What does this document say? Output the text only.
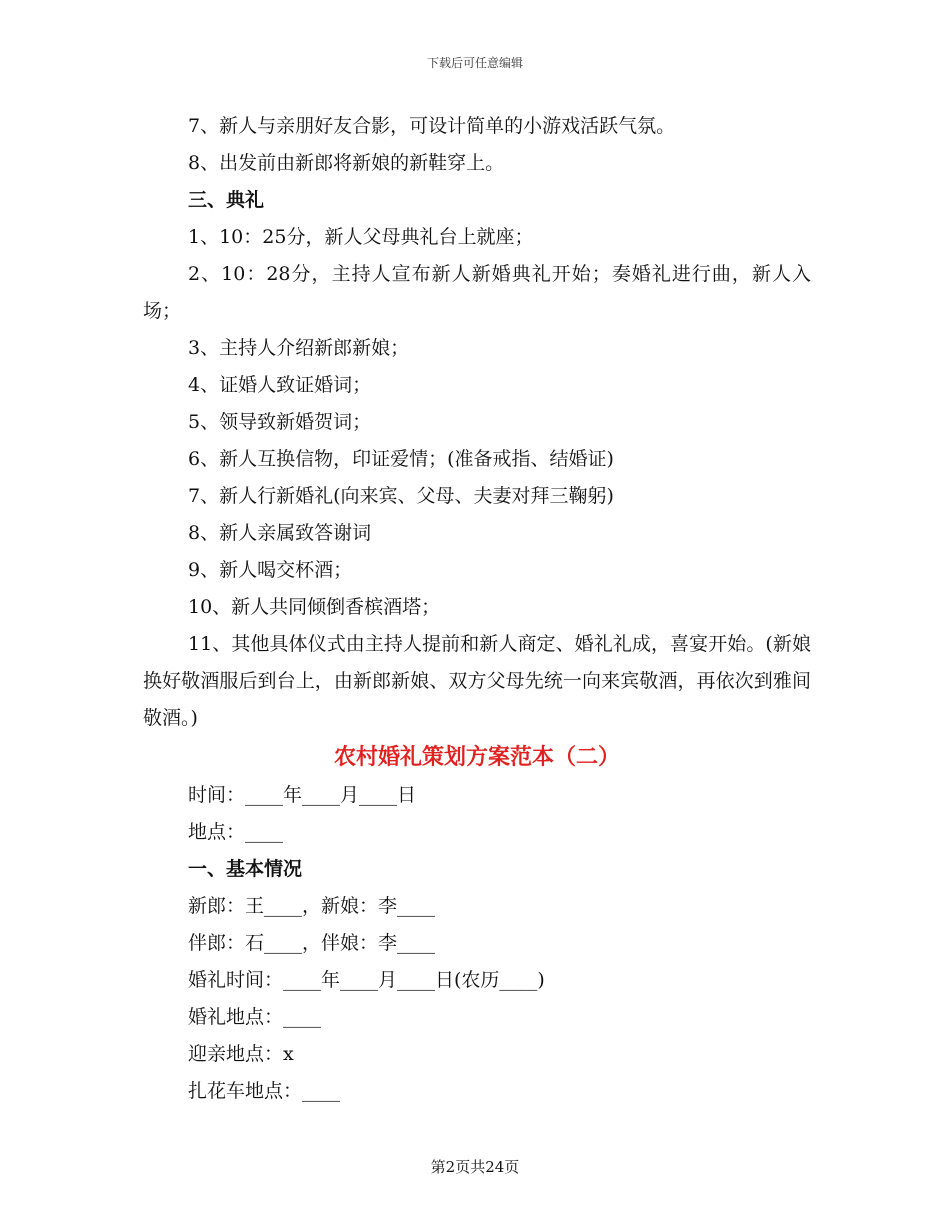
下载后可任意编辑

7、新人与亲朋好友合影，可设计简单的小游戏活跃气氛。

8、出发前由新郎将新娘的新鞋穿上。

三、典礼

1、10：25分，新人父母典礼台上就座；

2、10：28分，主持人宣布新人新婚典礼开始；奏婚礼进行曲，新人入场；

3、主持人介绍新郎新娘；

4、证婚人致证婚词；

5、领导致新婚贺词；

6、新人互换信物，印证爱情；(准备戒指、结婚证)

7、新人行新婚礼(向来宾、父母、夫妻对拜三鞠躬)

8、新人亲属致答谢词

9、新人喝交杯酒；

10、新人共同倾倒香槟酒塔；

11、其他具体仪式由主持人提前和新人商定、婚礼礼成，喜宴开始。(新娘换好敬酒服后到台上，由新郎新娘、双方父母先统一向来宾敬酒，再依次到雅间敬酒。)

农村婚礼策划方案范本（二）

时间：____年____月____日

地点：____

一、基本情况

新郎：王____，新娘：李____

伴郎：石____，伴娘：李____

婚礼时间：____年____月____日(农历____)

婚礼地点：____

迎亲地点：x

扎花车地点：____

第2页共24页
